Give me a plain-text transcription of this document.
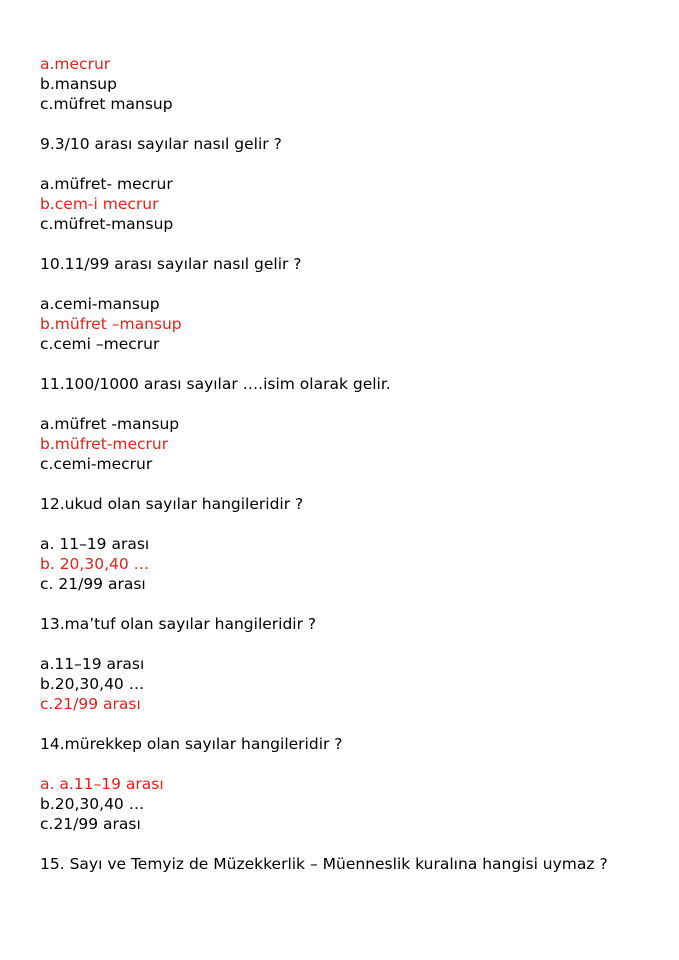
a.mecrur
b.mansup
c.müfret mansup
9.3/10 arası sayılar nasıl gelir ?
a.müfret- mecrur
b.cem-i mecrur
c.müfret-mansup
10.11/99 arası sayılar nasıl gelir ?
a.cemi-mansup
b.müfret –mansup
c.cemi –mecrur
11.100/1000 arası sayılar ….isim olarak gelir.
a.müfret -mansup
b.müfret-mecrur
c.cemi-mecrur
12.ukud olan sayılar hangileridir ?
a. 11–19 arası
b. 20,30,40 …
c. 21/99 arası
13.ma’tuf olan sayılar hangileridir ?
a.11–19 arası
b.20,30,40 …
c.21/99 arası
14.mürekkep olan sayılar hangileridir ?
a. a.11–19 arası
b.20,30,40 …
c.21/99 arası
15. Sayı ve Temyiz de Müzekkerlik – Müenneslik kuralına hangisi uymaz ?
